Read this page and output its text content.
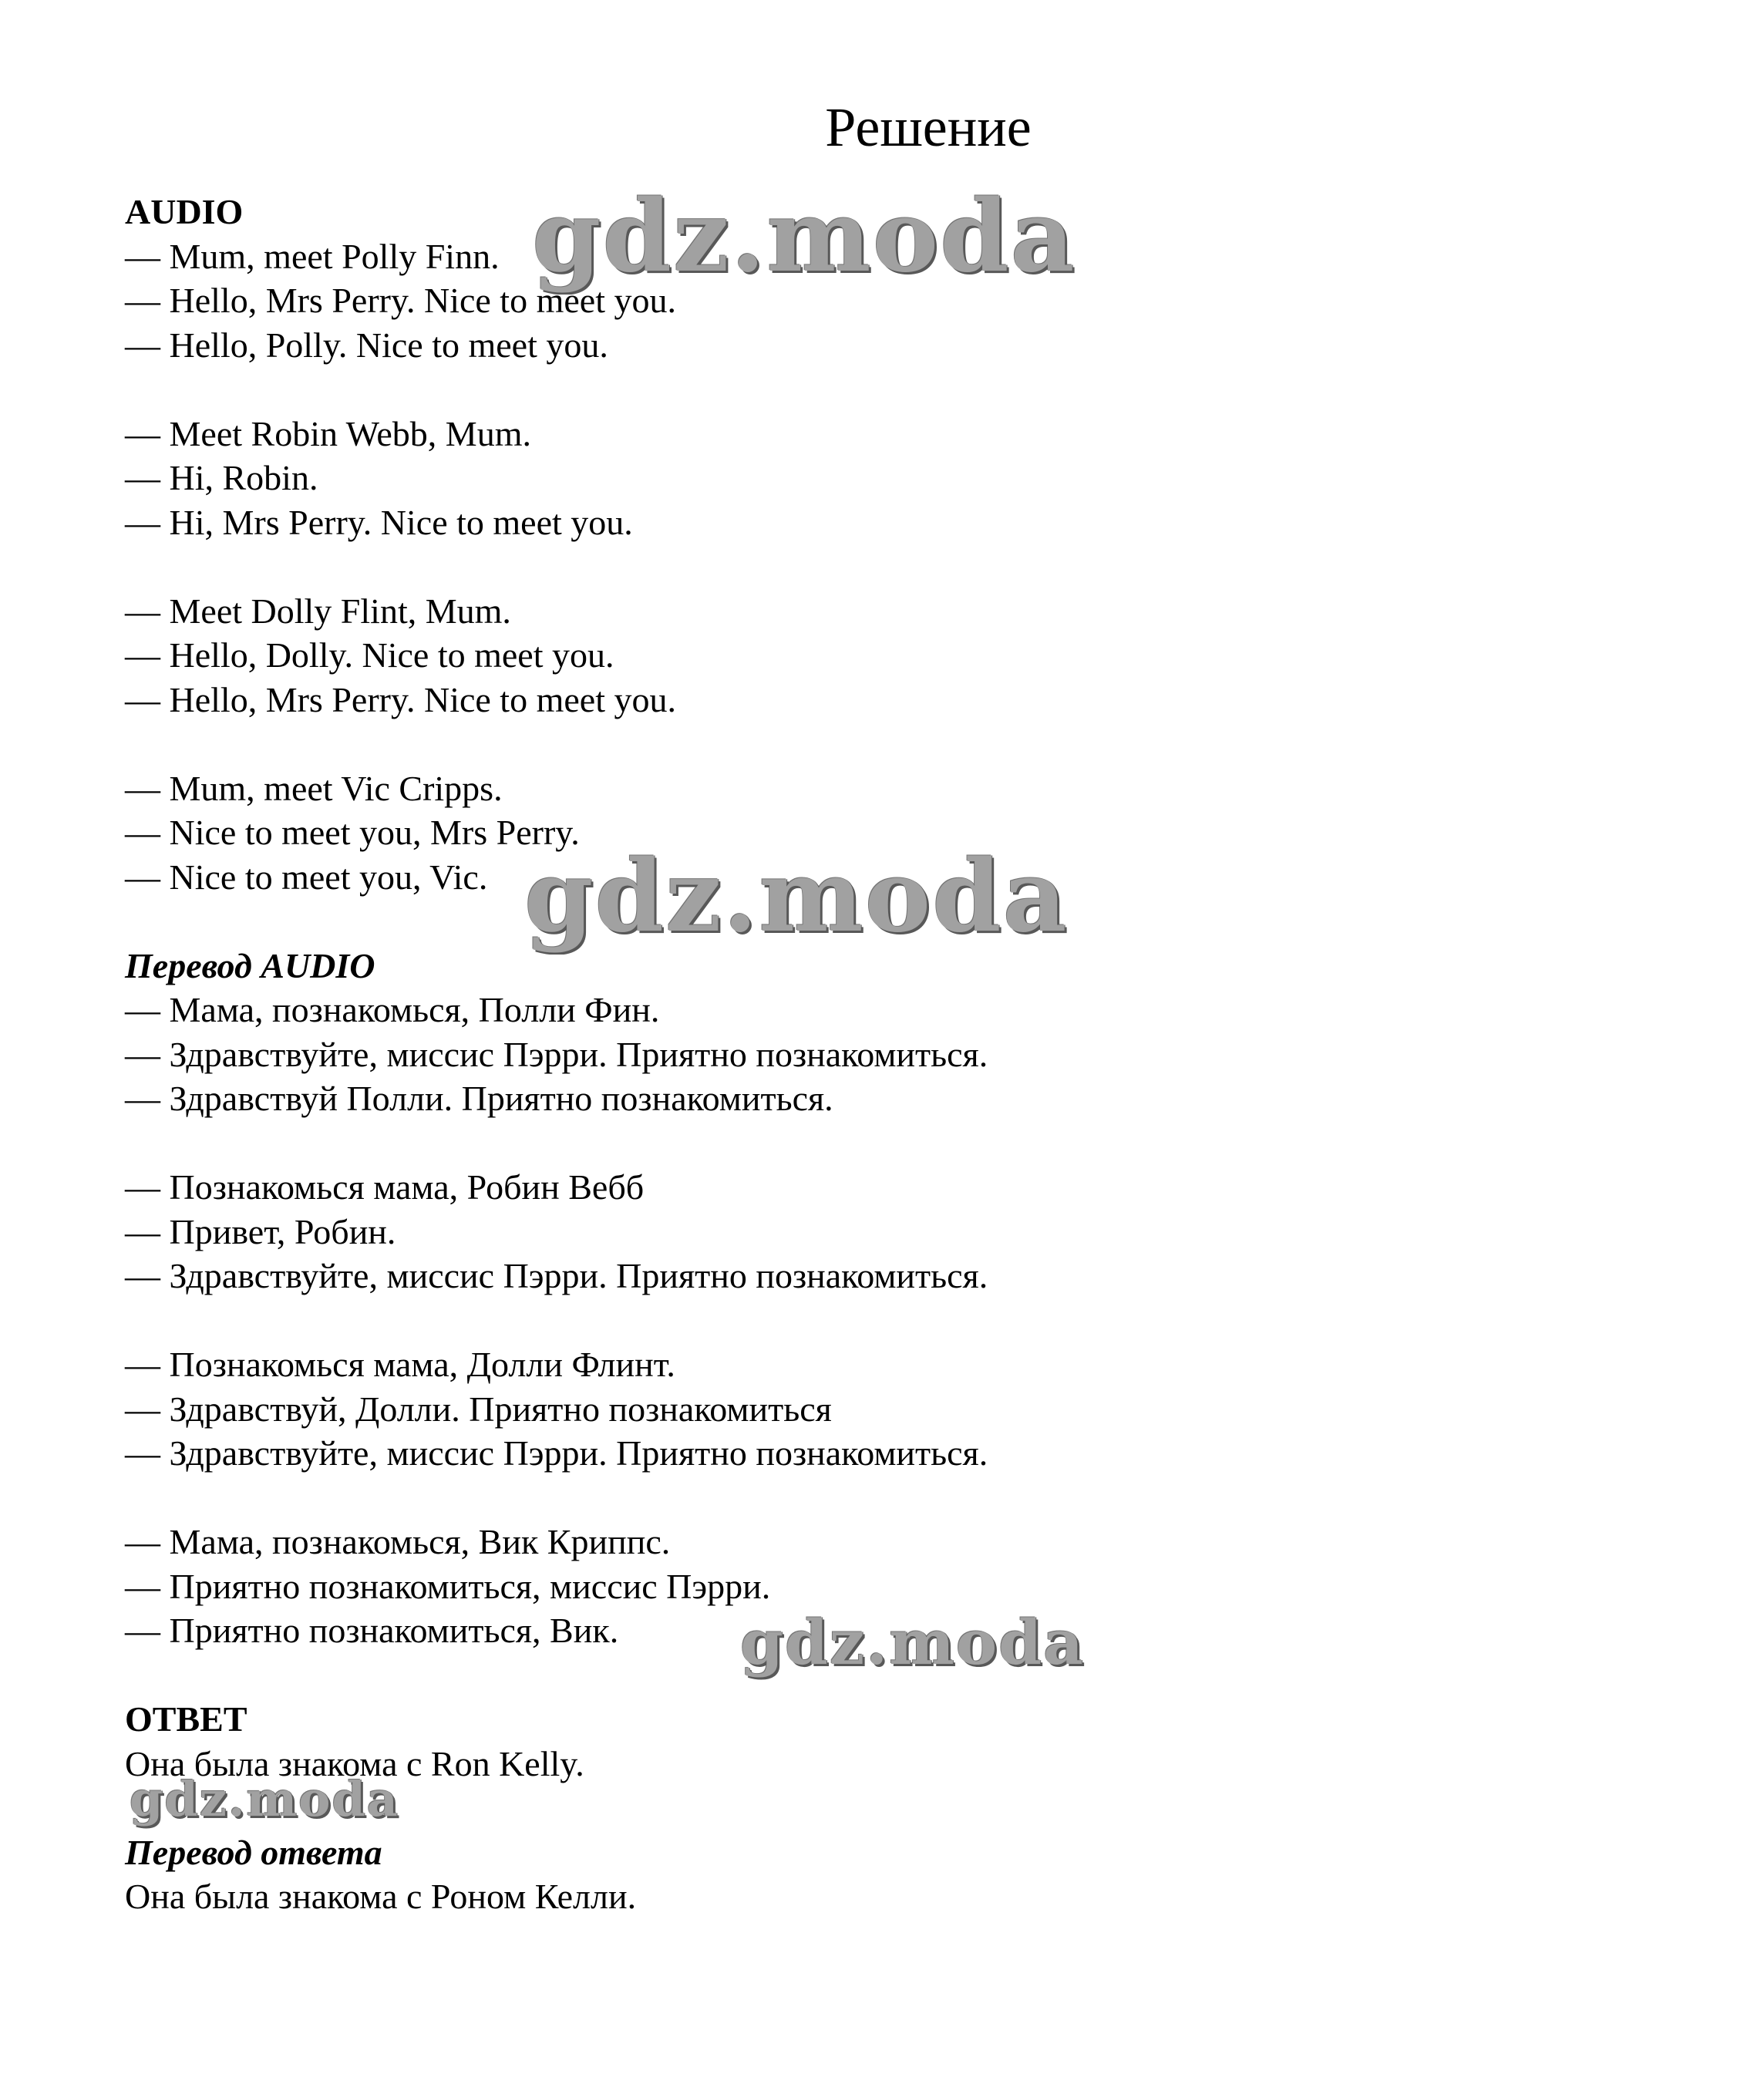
Решение
AUDIO
— Mum, meet Polly Finn.
— Hello, Mrs Perry. Nice to meet you.
— Hello, Polly. Nice to meet you.
— Meet Robin Webb, Mum.
— Hi, Robin.
— Hi, Mrs Perry. Nice to meet you.
— Meet Dolly Flint, Mum.
— Hello, Dolly. Nice to meet you.
— Hello, Mrs Perry. Nice to meet you.
— Mum, meet Vic Cripps.
— Nice to meet you, Mrs Perry.
— Nice to meet you, Vic.
Перевод AUDIO
— Мама, познакомься, Полли Фин.
— Здравствуйте, миссис Пэрри. Приятно познакомиться.
— Здравствуй Полли. Приятно познакомиться.
— Познакомься мама, Робин Вебб
— Привет, Робин.
— Здравствуйте, миссис Пэрри. Приятно познакомиться.
— Познакомься мама, Долли Флинт.
— Здравствуй, Долли. Приятно познакомиться
— Здравствуйте, миссис Пэрри. Приятно познакомиться.
— Мама, познакомься, Вик Криппс.
— Приятно познакомиться, миссис Пэрри.
— Приятно познакомиться, Вик.
ОТВЕТ
Она была знакома с Ron Kelly.
Перевод ответа
Она была знакома с Роном Келли.
gdz.moda
gdz.moda
gdz.moda
gdz.moda
